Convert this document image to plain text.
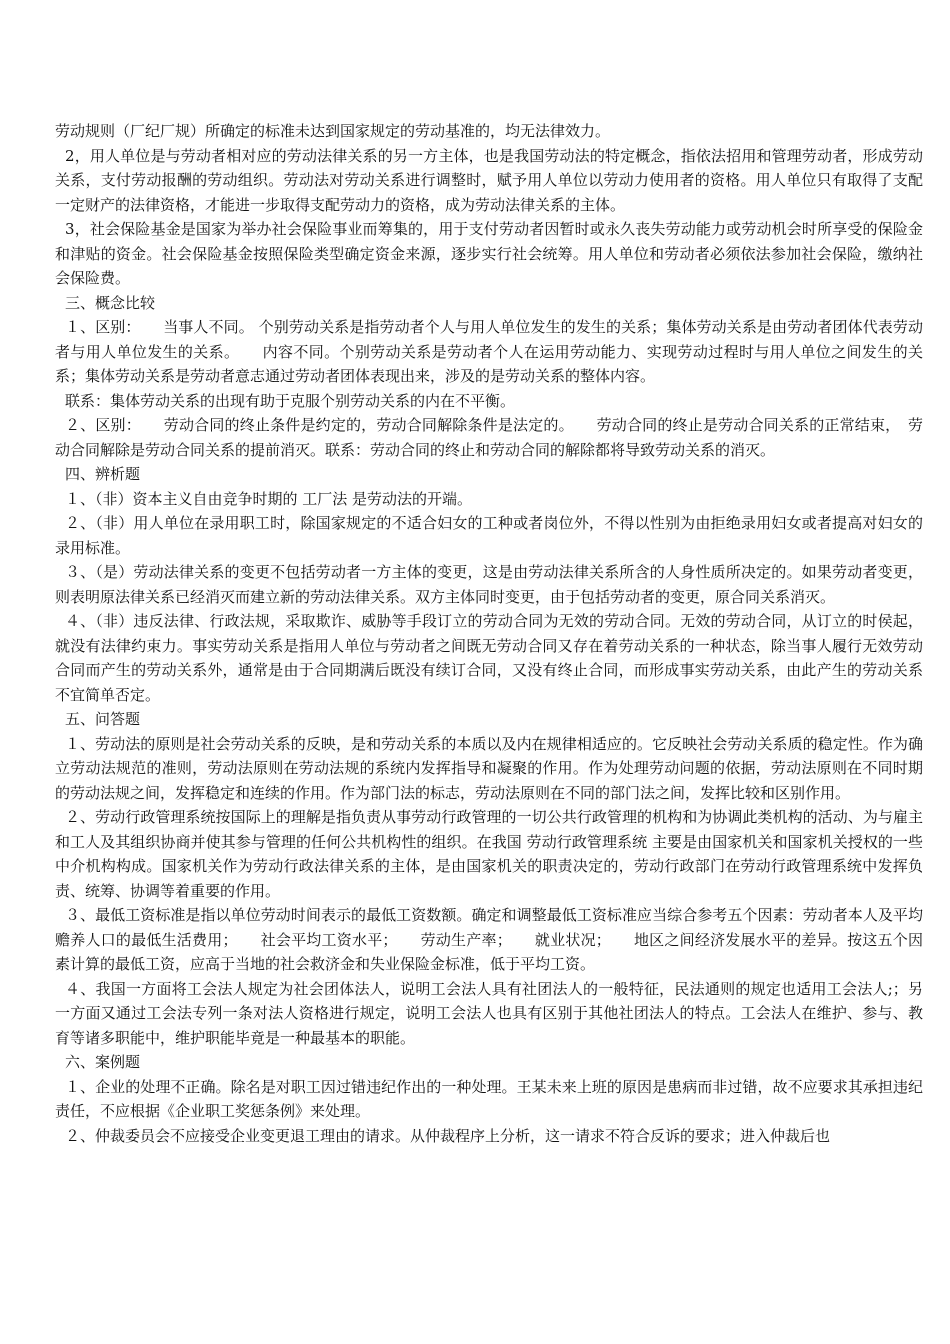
劳动规则（厂纪厂规）所确定的标准未达到国家规定的劳动基准的，均无法律效力。

2，用人单位是与劳动者相对应的劳动法律关系的另一方主体，也是我国劳动法的特定概念，指依法招用和管理劳动者，形成劳动关系，支付劳动报酬的劳动组织。劳动法对劳动关系进行调整时，赋予用人单位以劳动力使用者的资格。用人单位只有取得了支配一定财产的法律资格，才能进一步取得支配劳动力的资格，成为劳动法律关系的主体。

3，社会保险基金是国家为举办社会保险事业而筹集的，用于支付劳动者因暂时或永久丧失劳动能力或劳动机会时所享受的保险金和津贴的资金。社会保险基金按照保险类型确定资金来源，逐步实行社会统筹。用人单位和劳动者必须依法参加社会保险，缴纳社会保险费。

三、概念比较

１、区别：　　当事人不同。 个别劳动关系是指劳动者个人与用人单位发生的发生的关系；集体劳动关系是由劳动者团体代表劳动者与用人单位发生的关系。　　内容不同。个别劳动关系是劳动者个人在运用劳动能力、实现劳动过程时与用人单位之间发生的关系；集体劳动关系是劳动者意志通过劳动者团体表现出来，涉及的是劳动关系的整体内容。

联系：集体劳动关系的出现有助于克服个别劳动关系的内在不平衡。

２、区别：　　劳动合同的终止条件是约定的，劳动合同解除条件是法定的。　　劳动合同的终止是劳动合同关系的正常结束，　劳动合同解除是劳动合同关系的提前消灭。联系：劳动合同的终止和劳动合同的解除都将导致劳动关系的消灭。

四、辨析题

１、（非）资本主义自由竞争时期的 工厂法 是劳动法的开端。

２、（非）用人单位在录用职工时，除国家规定的不适合妇女的工种或者岗位外，不得以性别为由拒绝录用妇女或者提高对妇女的录用标准。

３、（是）劳动法律关系的变更不包括劳动者一方主体的变更，这是由劳动法律关系所含的人身性质所决定的。如果劳动者变更，则表明原法律关系已经消灭而建立新的劳动法律关系。双方主体同时变更，由于包括劳动者的变更，原合同关系消灭。

４、（非）违反法律、行政法规，采取欺诈、威胁等手段订立的劳动合同为无效的劳动合同。无效的劳动合同，从订立的时侯起，就没有法律约束力。事实劳动关系是指用人单位与劳动者之间既无劳动合同又存在着劳动关系的一种状态，除当事人履行无效劳动合同而产生的劳动关系外，通常是由于合同期满后既没有续订合同，又没有终止合同，而形成事实劳动关系，由此产生的劳动关系不宜简单否定。

五、问答题

１、劳动法的原则是社会劳动关系的反映，是和劳动关系的本质以及内在规律相适应的。它反映社会劳动关系质的稳定性。作为确立劳动法规范的准则，劳动法原则在劳动法规的系统内发挥指导和凝聚的作用。作为处理劳动问题的依据，劳动法原则在不同时期的劳动法规之间，发挥稳定和连续的作用。作为部门法的标志，劳动法原则在不同的部门法之间，发挥比较和区别作用。

２、劳动行政管理系统按国际上的理解是指负责从事劳动行政管理的一切公共行政管理的机构和为协调此类机构的活动、为与雇主和工人及其组织协商并使其参与管理的任何公共机构性的组织。在我国 劳动行政管理系统 主要是由国家机关和国家机关授权的一些中介机构构成。国家机关作为劳动行政法律关系的主体，是由国家机关的职责决定的，劳动行政部门在劳动行政管理系统中发挥负责、统筹、协调等着重要的作用。

３、最低工资标准是指以单位劳动时间表示的最低工资数额。确定和调整最低工资标准应当综合参考五个因素：劳动者本人及平均赡养人口的最低生活费用；　　社会平均工资水平；　　劳动生产率；　　就业状况；　　地区之间经济发展水平的差异。按这五个因素计算的最低工资，应高于当地的社会救济金和失业保险金标准，低于平均工资。

４、我国一方面将工会法人规定为社会团体法人，说明工会法人具有社团法人的一般特征，民法通则的规定也适用工会法人;；另一方面又通过工会法专列一条对法人资格进行规定，说明工会法人也具有区别于其他社团法人的特点。工会法人在维护、参与、教育等诸多职能中，维护职能毕竟是一种最基本的职能。

六、案例题

１、企业的处理不正确。除名是对职工因过错违纪作出的一种处理。王某未来上班的原因是患病而非过错，故不应要求其承担违纪责任，不应根据《企业职工奖惩条例》来处理。

２、仲裁委员会不应接受企业变更退工理由的请求。从仲裁程序上分析，这一请求不符合反诉的要求；进入仲裁后也
